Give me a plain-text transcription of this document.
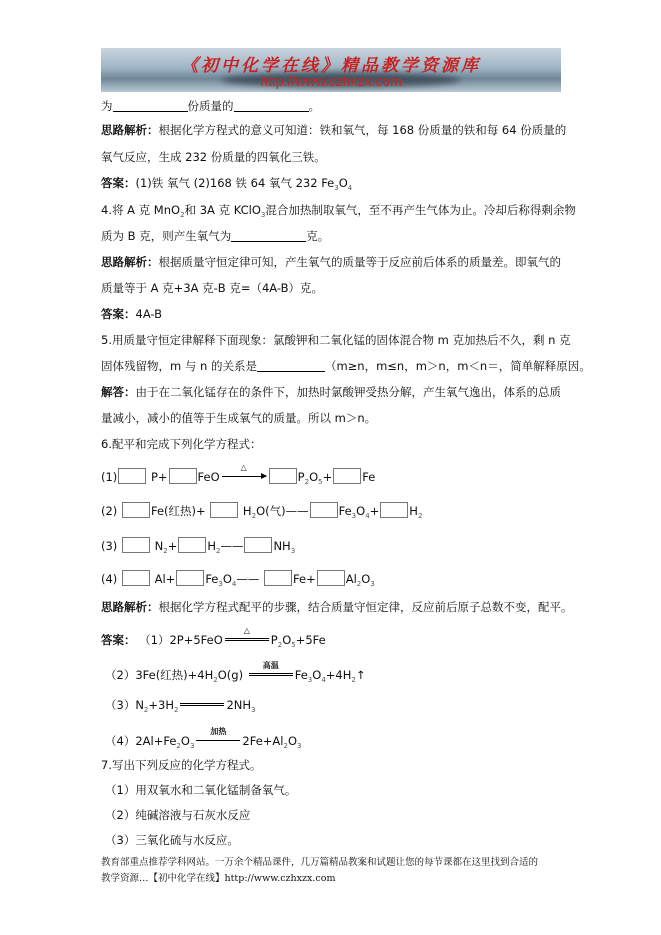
《初中化学在线》精品教学资源库
http://www.czhxzx.com
为	份质量的	。
思路解析：根据化学方程式的意义可知道：铁和氧气，每 168 份质量的铁和每 64 份质量的
氧气反应，生成 232 份质量的四氧化三铁。
答案：(1)铁 氧气 (2)168 铁 64 氧气 232 $Fe_3O_4$
4.将 A 克 MnO$_2$和 3A 克 KClO$_3$混合加热制取氧气，至不再产生气体为止。冷却后称得剩余物
质为 B 克，则产生氧气为	克。
思路解析：根据质量守恒定律可知，产生氧气的质量等于反应前后体系的质量差。即氧气的
质量等于 A 克+3A 克-B 克=（4A-B）克。
答案：4A-B
5.用质量守恒定律解释下面现象：氯酸钾和二氧化锰的固体混合物 m 克加热后不久，剩 n 克
固体残留物，m 与 n 的关系是	（m≥n，m≤n，m＞n，m＜n＝，简单解释原因。
解答：由于在二氧化锰存在的条件下，加热时氯酸钾受热分解，产生氧气逸出，体系的总质
量减小，减小的值等于生成氧气的质量。所以 m＞n。
6.配平和完成下列化学方程式：
(1)	P+	FeO
△
$P_2O_5+$	Fe
(2)	Fe(红热)+	$H_2O$(气)——	$Fe_3O_4+$	$H_2$
(3)	$N_2+$	$H_2——$	$NH_3$
(4)	Al+	$Fe_3O_4——$	Fe+	$Al_2O_3$
思路解析：根据化学方程式配平的步骤，结合质量守恒定律，反应前后原子总数不变，配平。
答案： （1）2P+5FeO
△
$P_2O_5+5Fe$
（2）3Fe(红热)$+4H_2O(g)$
高温
$Fe_3O_4+4H_2↑$
$(3)N_2+3H_2$	$2NH_3$
$(4)2Al+Fe_2O_3$
加热
$2Fe+Al_2O_3$
7.写出下列反应的化学方程式。
（1）用双氧水和二氧化锰制备氧气。
（2）纯碱溶液与石灰水反应
（3）三氧化硫与水反应。
教育部重点推荐学科网站。一万余个精品课件，几万篇精品教案和试题让您的每节课都在这里找到合适的
教学资源…【初中化学在线】http://www.czhxzx.com
